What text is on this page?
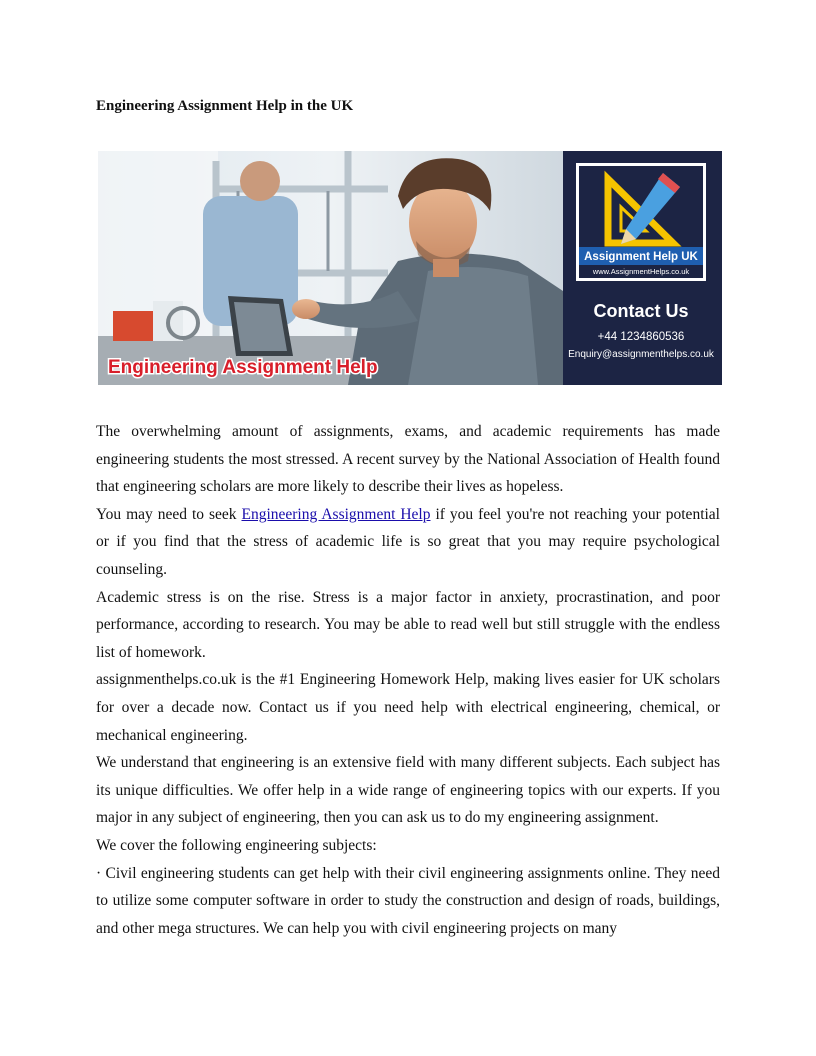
Engineering Assignment Help in the UK
Engineering Assignment Help
Assignment Help UK
www.AssignmentHelps.co.uk
Contact Us
+44 1234860536
Enquiry@assignmenthelps.co.uk

The overwhelming amount of assignments, exams, and academic requirements has made engineering students the most stressed. A recent survey by the National Association of Health found that engineering scholars are more likely to describe their lives as hopeless.

You may need to seek Engineering Assignment Help if you feel you're not reaching your potential or if you find that the stress of academic life is so great that you may require psychological counseling.

Academic stress is on the rise. Stress is a major factor in anxiety, procrastination, and poor performance, according to research. You may be able to read well but still struggle with the endless list of homework.

assignmenthelps.co.uk is the #1 Engineering Homework Help, making lives easier for UK scholars for over a decade now. Contact us if you need help with electrical engineering, chemical, or mechanical engineering.

We understand that engineering is an extensive field with many different subjects. Each subject has its unique difficulties. We offer help in a wide range of engineering topics with our experts. If you major in any subject of engineering, then you can ask us to do my engineering assignment.

We cover the following engineering subjects:

· Civil engineering students can get help with their civil engineering assignments online. They need to utilize some computer software in order to study the construction and design of roads, buildings, and other mega structures. We can help you with civil engineering projects on many
